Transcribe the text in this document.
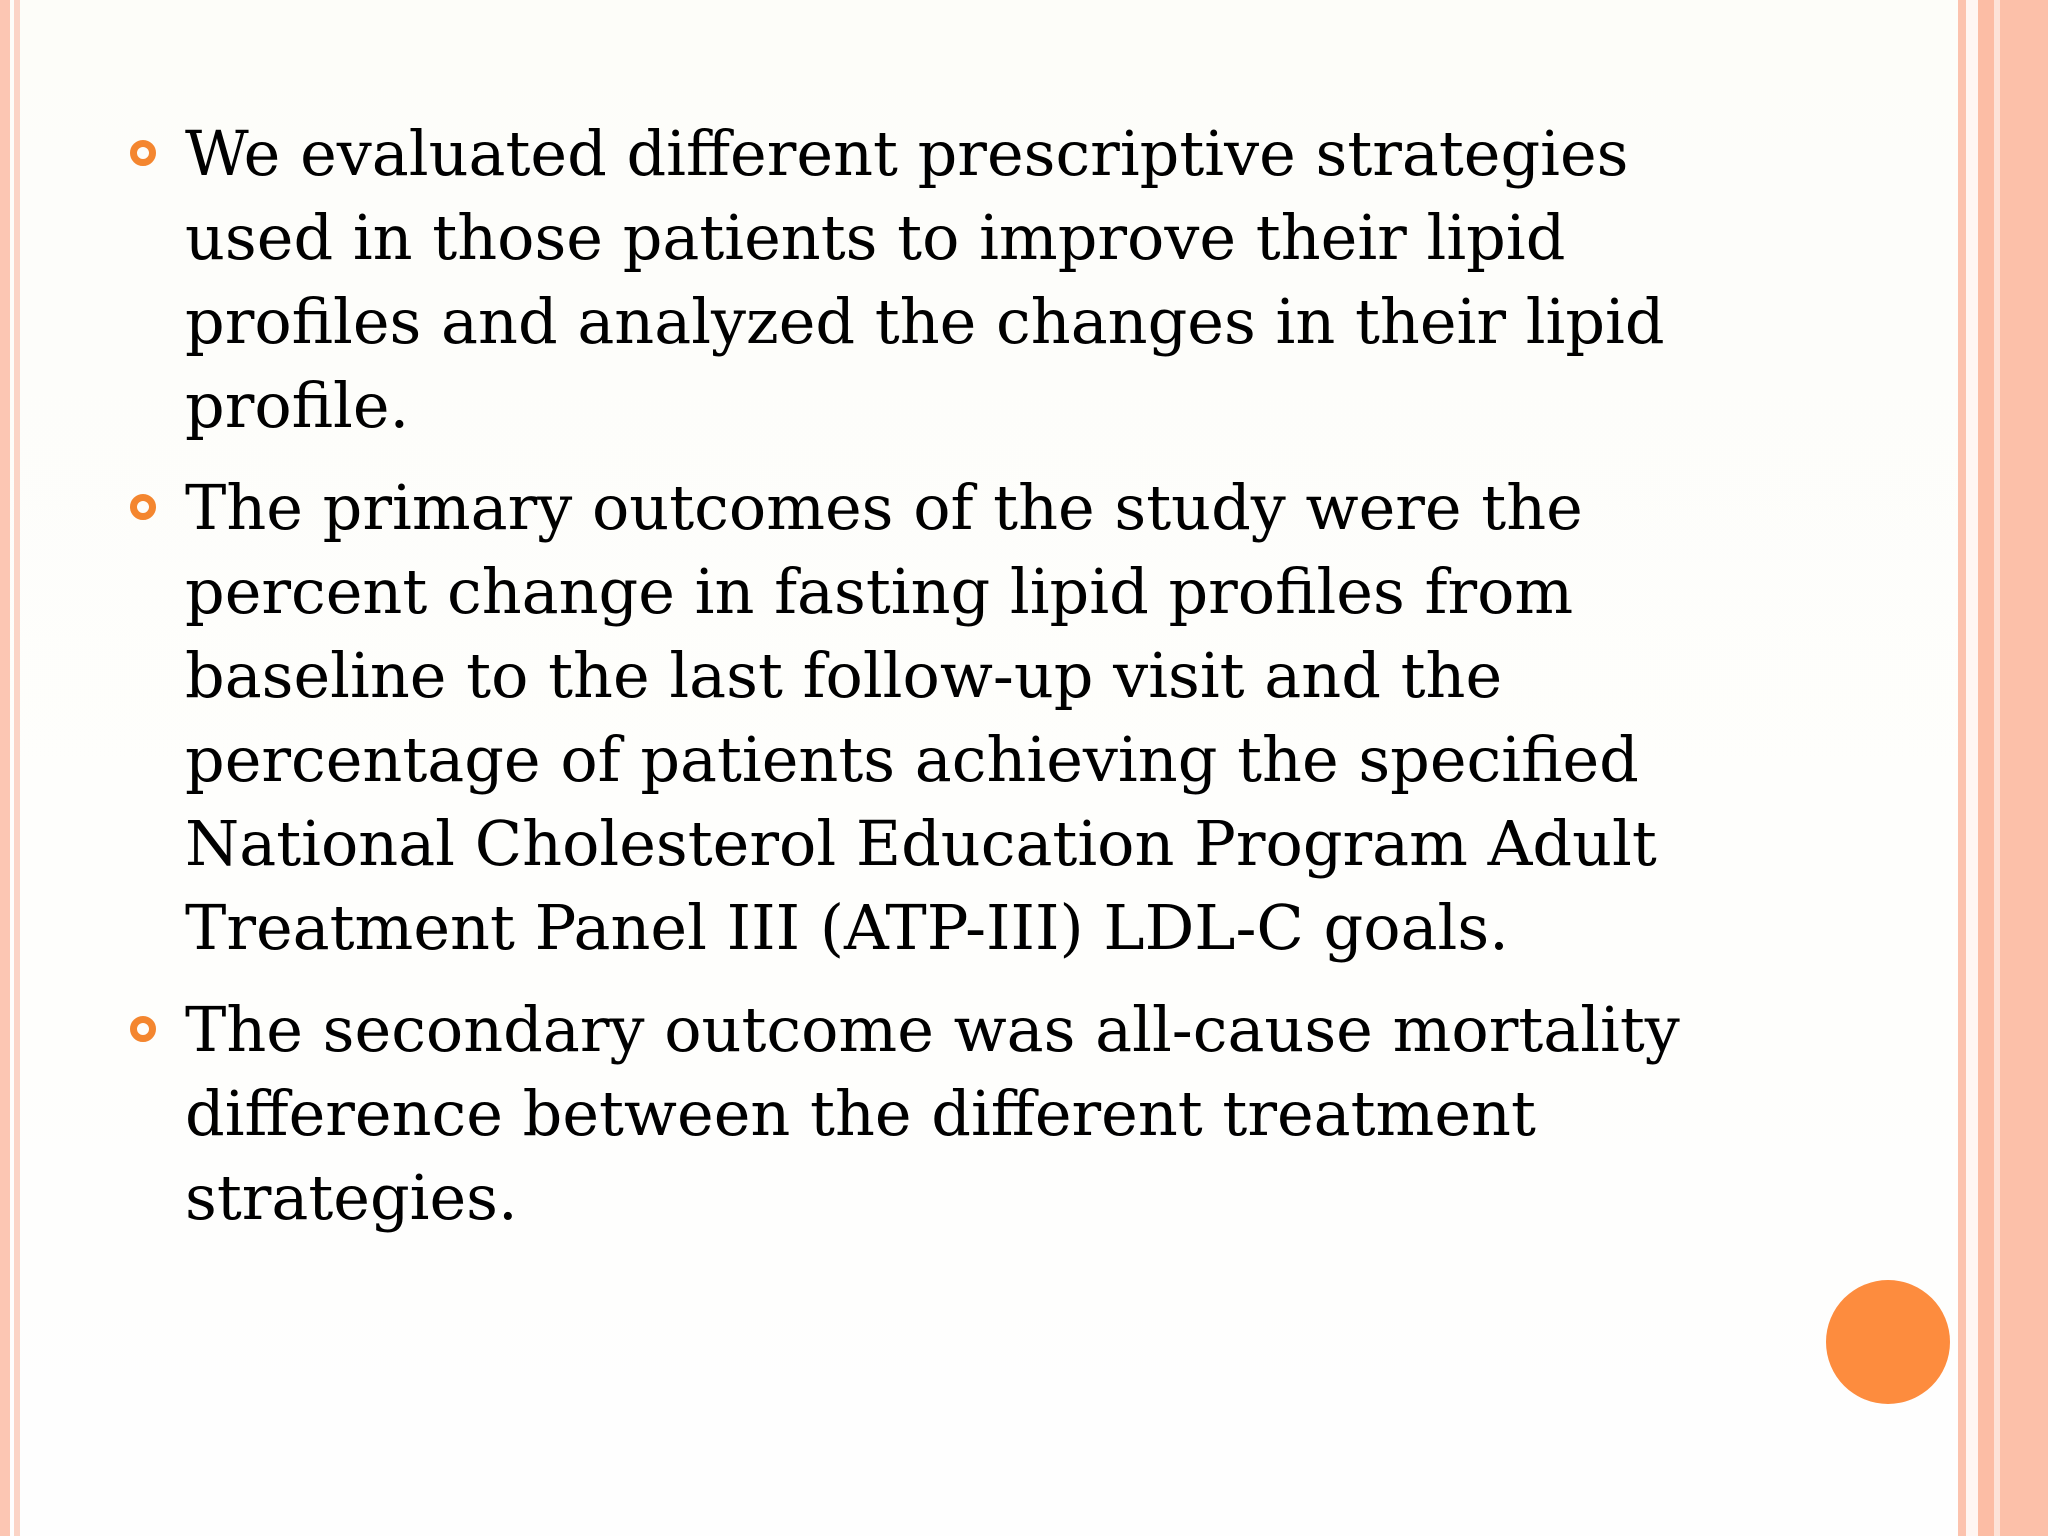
We evaluated different prescriptive strategies used in those patients to improve their lipid profiles and analyzed the changes in their lipid profile.
The primary outcomes of the study were the percent change in fasting lipid profiles from baseline to the last follow-up visit and the percentage of patients achieving the specified National Cholesterol Education Program Adult Treatment Panel III (ATP-III) LDL-C goals.
The secondary outcome was all-cause mortality difference between the different treatment strategies.
